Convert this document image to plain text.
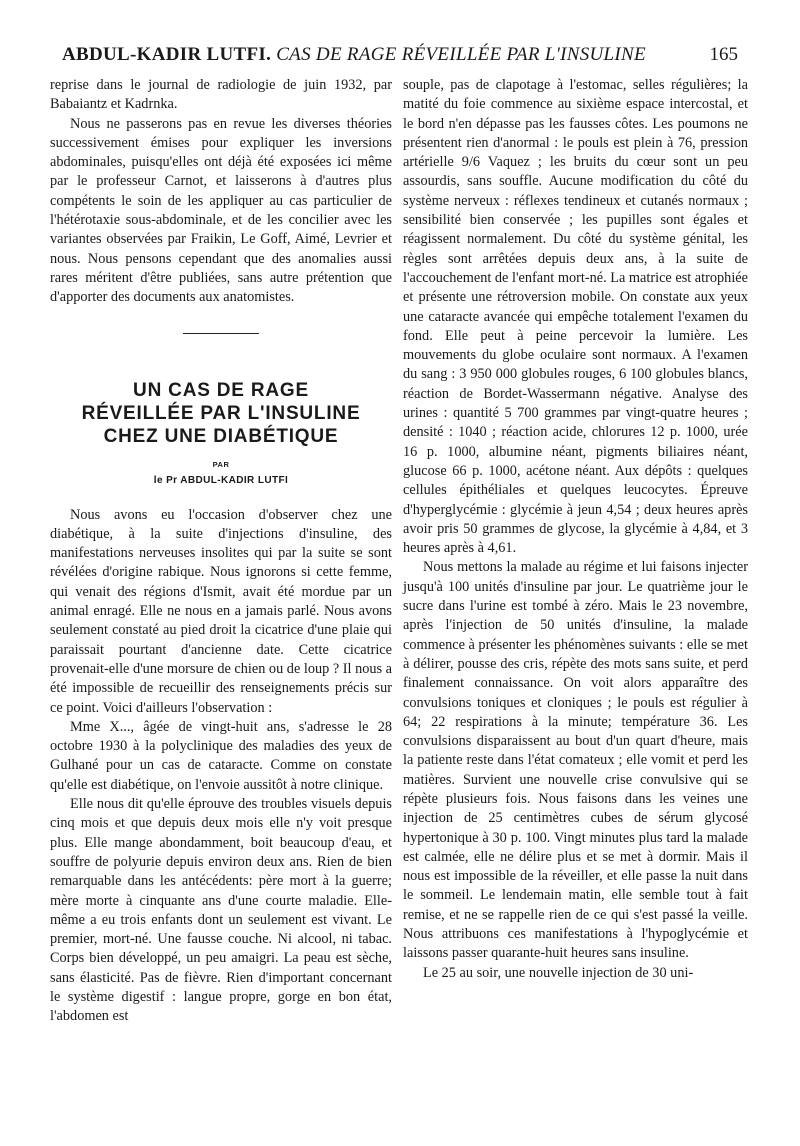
ABDUL-KADIR LUTFI. CAS DE RAGE RÉVEILLÉE PAR L'INSULINE	165

reprise dans le journal de radiologie de juin 1932, par Babaiantz et Kadrnka.

Nous ne passerons pas en revue les diverses théories successivement émises pour expliquer les inversions abdominales, puisqu'elles ont déjà été exposées ici même par le professeur Carnot, et laisserons à d'autres plus compétents le soin de les appliquer au cas particulier de l'hétérotaxie sous-abdominale, et de les concilier avec les variantes observées par Fraikin, Le Goff, Aimé, Levrier et nous. Nous pensons cependant que des anomalies aussi rares méritent d'être publiées, sans autre prétention que d'apporter des documents aux anatomistes.

UN CAS DE RAGE
RÉVEILLÉE PAR L'INSULINE
CHEZ UNE DIABÉTIQUE
PAR
le Pr ABDUL-KADIR LUTFI

Nous avons eu l'occasion d'observer chez une diabétique, à la suite d'injections d'insuline, des manifestations nerveuses insolites qui par la suite se sont révélées d'origine rabique. Nous ignorons si cette femme, qui venait des régions d'Ismit, avait été mordue par un animal enragé. Elle ne nous en a jamais parlé. Nous avons seulement constaté au pied droit la cicatrice d'une plaie qui paraissait pourtant d'ancienne date. Cette cicatrice provenait-elle d'une morsure de chien ou de loup ? Il nous a été impossible de recueillir des renseignements précis sur ce point. Voici d'ailleurs l'observation :

Mme X..., âgée de vingt-huit ans, s'adresse le 28 octobre 1930 à la polyclinique des maladies des yeux de Gulhané pour un cas de cataracte. Comme on constate qu'elle est diabétique, on l'envoie aussitôt à notre clinique.

Elle nous dit qu'elle éprouve des troubles visuels depuis cinq mois et que depuis deux mois elle n'y voit presque plus. Elle mange abondamment, boit beaucoup d'eau, et souffre de polyurie depuis environ deux ans. Rien de bien remarquable dans les antécédents: père mort à la guerre; mère morte à cinquante ans d'une courte maladie. Elle-même a eu trois enfants dont un seulement est vivant. Le premier, mort-né. Une fausse couche. Ni alcool, ni tabac. Corps bien développé, un peu amaigri. La peau est sèche, sans élasticité. Pas de fièvre. Rien d'important concernant le système digestif : langue propre, gorge en bon état, l'abdomen est

souple, pas de clapotage à l'estomac, selles régulières; la matité du foie commence au sixième espace intercostal, et le bord n'en dépasse pas les fausses côtes. Les poumons ne présentent rien d'anormal : le pouls est plein à 76, pression artérielle 9/6 Vaquez ; les bruits du cœur sont un peu assourdis, sans souffle. Aucune modification du côté du système nerveux : réflexes tendineux et cutanés normaux ; sensibilité bien conservée ; les pupilles sont égales et réagissent normalement. Du côté du système génital, les règles sont arrêtées depuis deux ans, à la suite de l'accouchement de l'enfant mort-né. La matrice est atrophiée et présente une rétroversion mobile. On constate aux yeux une cataracte avancée qui empêche totalement l'examen du fond. Elle peut à peine percevoir la lumière. Les mouvements du globe oculaire sont normaux. A l'examen du sang : 3 950 000 globules rouges, 6 100 globules blancs, réaction de Bordet-Wassermann négative. Analyse des urines : quantité 5 700 grammes par vingt-quatre heures ; densité : 1040 ; réaction acide, chlorures 12 p. 1000, urée 16 p. 1000, albumine néant, pigments biliaires néant, glucose 66 p. 1000, acétone néant. Aux dépôts : quelques cellules épithéliales et quelques leucocytes. Épreuve d'hyperglycémie : glycémie à jeun 4,54 ; deux heures après avoir pris 50 grammes de glycose, la glycémie à 4,84, et 3 heures après à 4,61.

Nous mettons la malade au régime et lui faisons injecter jusqu'à 100 unités d'insuline par jour. Le quatrième jour le sucre dans l'urine est tombé à zéro. Mais le 23 novembre, après l'injection de 50 unités d'insuline, la malade commence à présenter les phénomènes suivants : elle se met à délirer, pousse des cris, répète des mots sans suite, et perd finalement connaissance. On voit alors apparaître des convulsions toniques et cloniques ; le pouls est régulier à 64; 22 respirations à la minute; température 36. Les convulsions disparaissent au bout d'un quart d'heure, mais la patiente reste dans l'état comateux ; elle vomit et perd les matières. Survient une nouvelle crise convulsive qui se répète plusieurs fois. Nous faisons dans les veines une injection de 25 centimètres cubes de sérum glycosé hypertonique à 30 p. 100. Vingt minutes plus tard la malade est calmée, elle ne délire plus et se met à dormir. Mais il nous est impossible de la réveiller, et elle passe la nuit dans le sommeil. Le lendemain matin, elle semble tout à fait remise, et ne se rappelle rien de ce qui s'est passé la veille. Nous attribuons ces manifestations à l'hypoglycémie et laissons passer quarante-huit heures sans insuline.

Le 25 au soir, une nouvelle injection de 30 uni-
